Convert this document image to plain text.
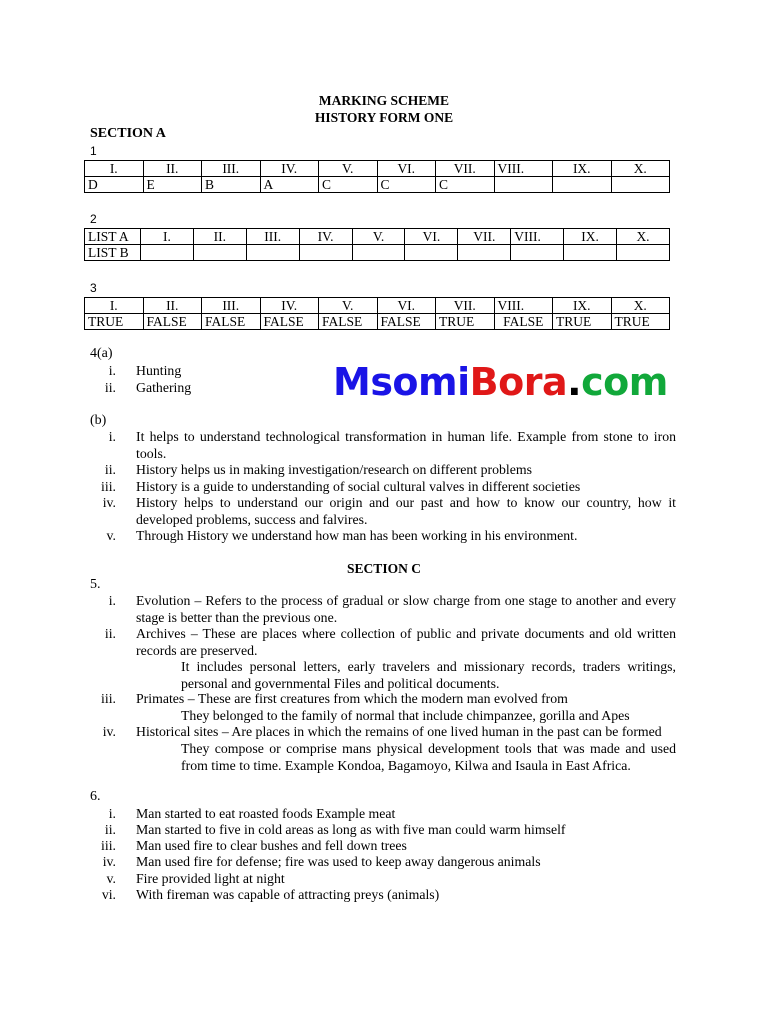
MARKING SCHEME
HISTORY FORM ONE
SECTION A
1
I.	II.	III.	IV.	V.	VI.	VII.	VIII.	IX.	X.
D	E	B	A	C	C	C			
2
LIST A	I.	II.	III.	IV.	V.	VI.	VII.	VIII.	IX.	X.
LIST B										
3
I.	II.	III.	IV.	V.	VI.	VII.	VIII.	IX.	X.
TRUE	FALSE	FALSE	FALSE	FALSE	FALSE	TRUE	FALSE	TRUE	TRUE
4(a)
i. Hunting
ii. Gathering	MsomiBora.com
(b)
i. It helps to understand technological transformation in human life. Example from stone to iron tools.
ii. History helps us in making investigation/research on different problems
iii. History is a guide to understanding of social cultural valves in different societies
iv. History helps to understand our origin and our past and how to know our country, how it developed problems, success and falvires.
v. Through History we understand how man has been working in his environment.
SECTION C
5.
i. Evolution – Refers to the process of gradual or slow charge from one stage to another and every stage is better than the previous one.
ii. Archives – These are places where collection of public and private documents and old written records are preserved.
It includes personal letters, early travelers and missionary records, traders writings, personal and governmental Files and political documents.
iii. Primates – These are first creatures from which the modern man evolved from
They belonged to the family of normal that include chimpanzee, gorilla and Apes
iv. Historical sites – Are places in which the remains of one lived human in the past can be formed
They compose or comprise mans physical development tools that was made and used from time to time. Example Kondoa, Bagamoyo, Kilwa and Isaula in East Africa.
6.
i. Man started to eat roasted foods Example meat
ii. Man started to five in cold areas as long as with five man could warm himself
iii. Man used fire to clear bushes and fell down trees
iv. Man used fire for defense; fire was used to keep away dangerous animals
v. Fire provided light at night
vi. With fireman was capable of attracting preys (animals)
